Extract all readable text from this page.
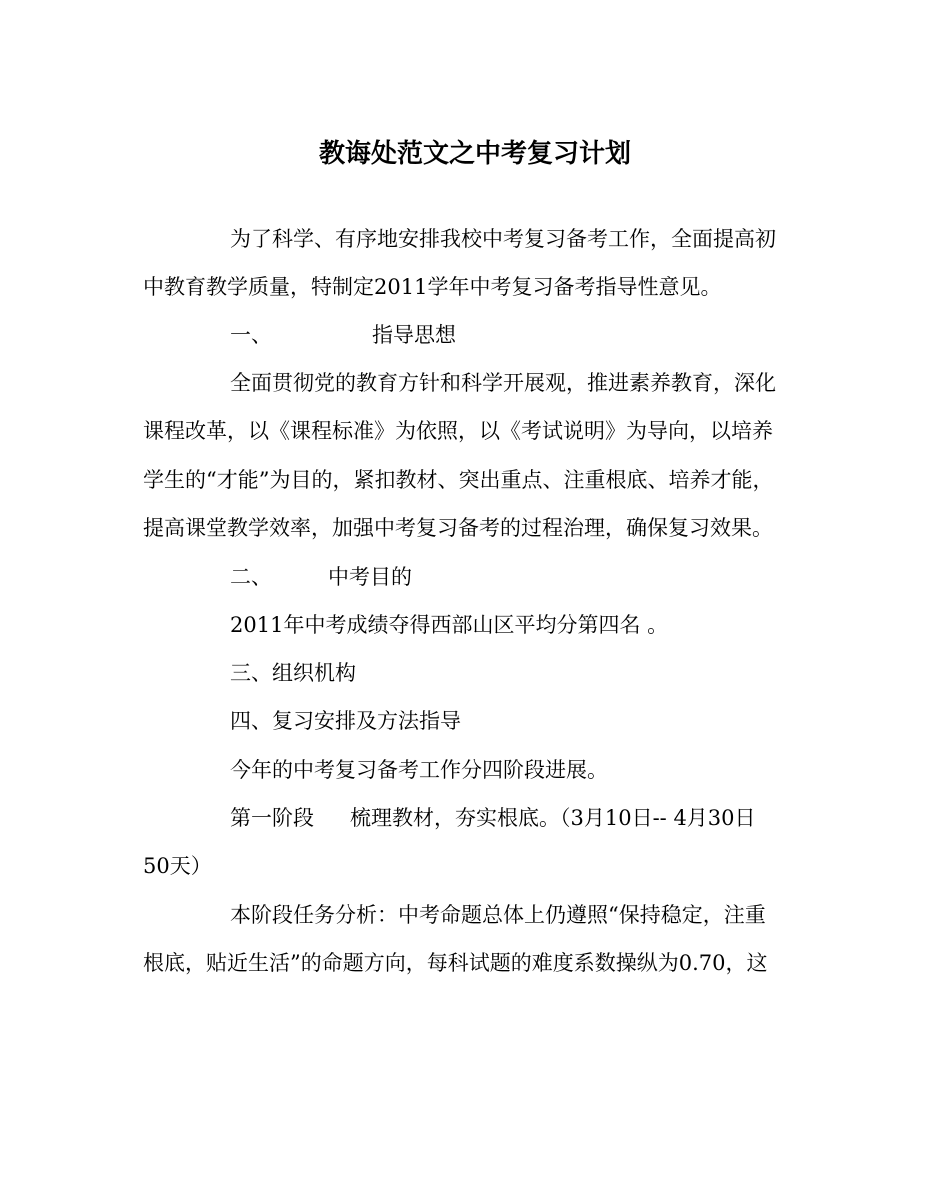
教诲处范文之中考复习计划
为了科学、有序地安排我校中考复习备考工作，全面提高初
中教育教学质量，特制定2011学年中考复习备考指导性意见。
一、	指导思想
全面贯彻党的教育方针和科学开展观，推进素养教育，深化
课程改革，以《课程标准》为依照，以《考试说明》为导向，以培养
学生的“才能”为目的，紧扣教材、突出重点、注重根底、培养才能，
提高课堂教学效率，加强中考复习备考的过程治理，确保复习效果。
二、	中考目的
2011年中考成绩夺得西部山区平均分第四名 。
三、组织机构
四、复习安排及方法指导
今年的中考复习备考工作分四阶段进展。
第一阶段 梳理教材，夯实根底。（3月10日-- 4月30日
50天）
本阶段任务分析：中考命题总体上仍遵照“保持稳定，注重
根底，贴近生活”的命题方向，每科试题的难度系数操纵为0.70，这
